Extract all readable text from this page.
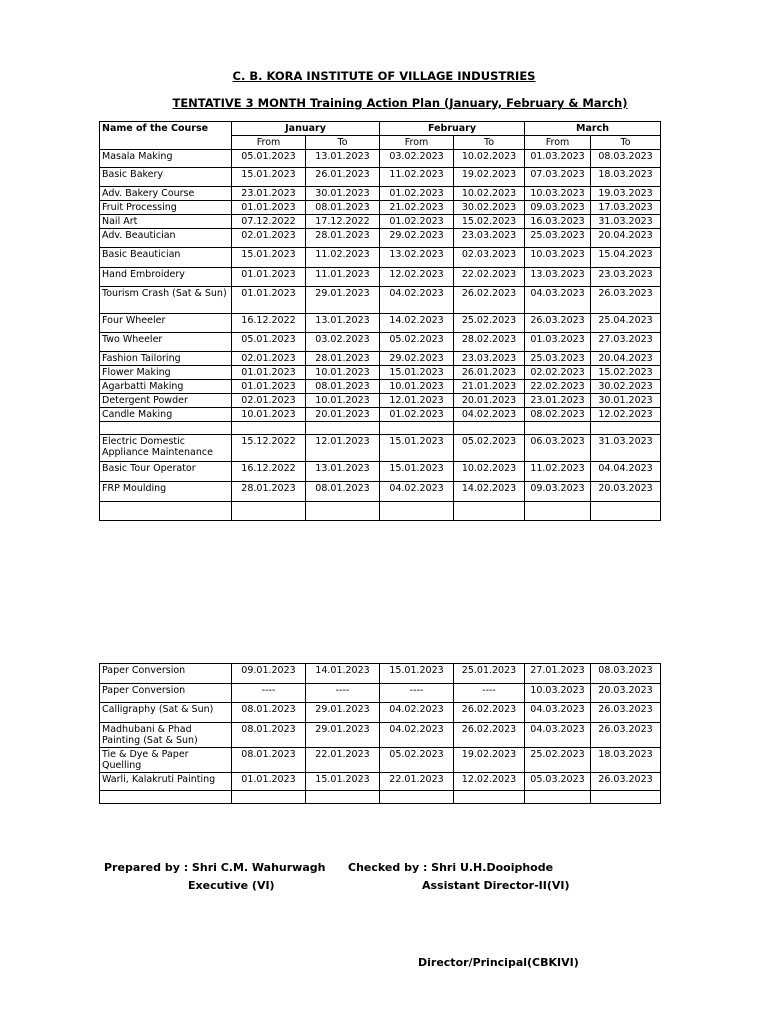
C. B. KORA INSTITUTE OF VILLAGE INDUSTRIES
TENTATIVE 3 MONTH Training Action Plan (January, February & March)
Name of the Course	January		February		March	
	From	To	From	To	From	To
Masala Making	05.01.2023	13.01.2023	03.02.2023	10.02.2023	01.03.2023	08.03.2023
Basic Bakery	15.01.2023	26.01.2023	11.02.2023	19.02.2023	07.03.2023	18.03.2023
Adv. Bakery Course	23.01.2023	30.01.2023	01.02.2023	10.02.2023	10.03.2023	19.03.2023
Fruit Processing	01.01.2023	08.01.2023	21.02.2023	30.02.2023	09.03.2023	17.03.2023
Nail Art	07.12.2022	17.12.2022	01.02.2023	15.02.2023	16.03.2023	31.03.2023
Adv. Beautician	02.01.2023	28.01.2023	29.02.2023	23.03.2023	25.03.2023	20.04.2023
Basic Beautician	15.01.2023	11.02.2023	13.02.2023	02.03.2023	10.03.2023	15.04.2023
Hand Embroidery	01.01.2023	11.01.2023	12.02.2023	22.02.2023	13.03.2023	23.03.2023
Tourism Crash (Sat & Sun)	01.01.2023	29.01.2023	04.02.2023	26.02.2023	04.03.2023	26.03.2023
Four Wheeler	16.12.2022	13.01.2023	14.02.2023	25.02.2023	26.03.2023	25.04.2023
Two Wheeler	05.01.2023	03.02.2023	05.02.2023	28.02.2023	01.03.2023	27.03.2023
Fashion Tailoring	02.01.2023	28.01.2023	29.02.2023	23.03.2023	25.03.2023	20.04.2023
Flower Making	01.01.2023	10.01.2023	15.01.2023	26.01.2023	02.02.2023	15.02.2023
Agarbatti Making	01.01.2023	08.01.2023	10.01.2023	21.01.2023	22.02.2023	30.02.2023
Detergent Powder	02.01.2023	10.01.2023	12.01.2023	20.01.2023	23.01.2023	30.01.2023
Candle Making	10.01.2023	20.01.2023	01.02.2023	04.02.2023	08.02.2023	12.02.2023

Electric Domestic Appliance Maintenance	15.12.2022	12.01.2023	15.01.2023	05.02.2023	06.03.2023	31.03.2023
Basic Tour Operator	16.12.2022	13.01.2023	15.01.2023	10.02.2023	11.02.2023	04.04.2023
FRP Moulding	28.01.2023	08.01.2023	04.02.2023	14.02.2023	09.03.2023	20.03.2023

Paper Conversion	09.01.2023	14.01.2023	15.01.2023	25.01.2023	27.01.2023	08.03.2023
Paper Conversion	----	----	----	----	10.03.2023	20.03.2023
Calligraphy (Sat & Sun)	08.01.2023	29.01.2023	04.02.2023	26.02.2023	04.03.2023	26.03.2023
Madhubani & Phad Painting (Sat & Sun)	08.01.2023	29.01.2023	04.02.2023	26.02.2023	04.03.2023	26.03.2023
Tie & Dye & Paper Quelling	08.01.2023	22.01.2023	05.02.2023	19.02.2023	25.02.2023	18.03.2023
Warli, Kalakruti Painting	01.01.2023	15.01.2023	22.01.2023	12.02.2023	05.03.2023	26.03.2023

Prepared by : Shri C.M. Wahurwagh
Executive (VI)
Checked by : Shri U.H.Dooiphode
Assistant Director-II(VI)
Director/Principal(CBKIVI)
